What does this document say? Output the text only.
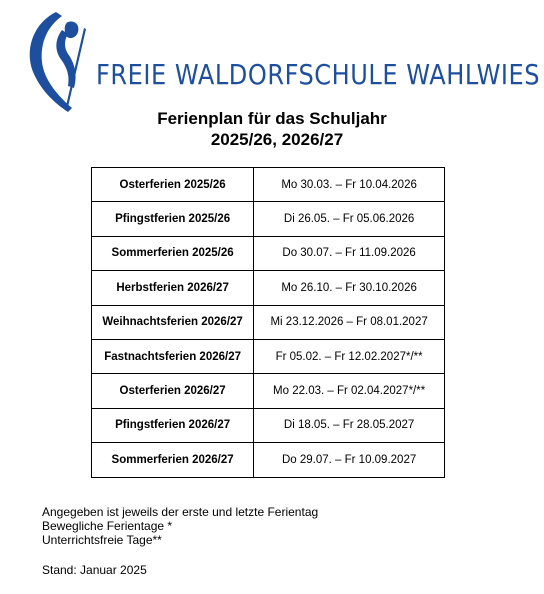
FREIE WALDORFSCHULE WAHLWIES
Ferienplan für das Schuljahr

2025/26, 2026/27
Osterferien 2025/26	Mo 30.03. – Fr 10.04.2026
Pfingstferien 2025/26	Di 26.05. – Fr 05.06.2026
Sommerferien 2025/26	Do 30.07. – Fr 11.09.2026
Herbstferien 2026/27	Mo 26.10. – Fr 30.10.2026
Weihnachtsferien 2026/27	Mi 23.12.2026 – Fr 08.01.2027
Fastnachtsferien 2026/27	Fr 05.02. – Fr 12.02.2027*/**
Osterferien 2026/27	Mo 22.03. – Fr 02.04.2027*/**
Pfingstferien 2026/27	Di 18.05. – Fr 28.05.2027
Sommerferien 2026/27	Do 29.07. – Fr 10.09.2027
Angegeben ist jeweils der erste und letzte Ferientag
Bewegliche Ferientage *
Unterrichtsfreie Tage**
Stand: Januar 2025
